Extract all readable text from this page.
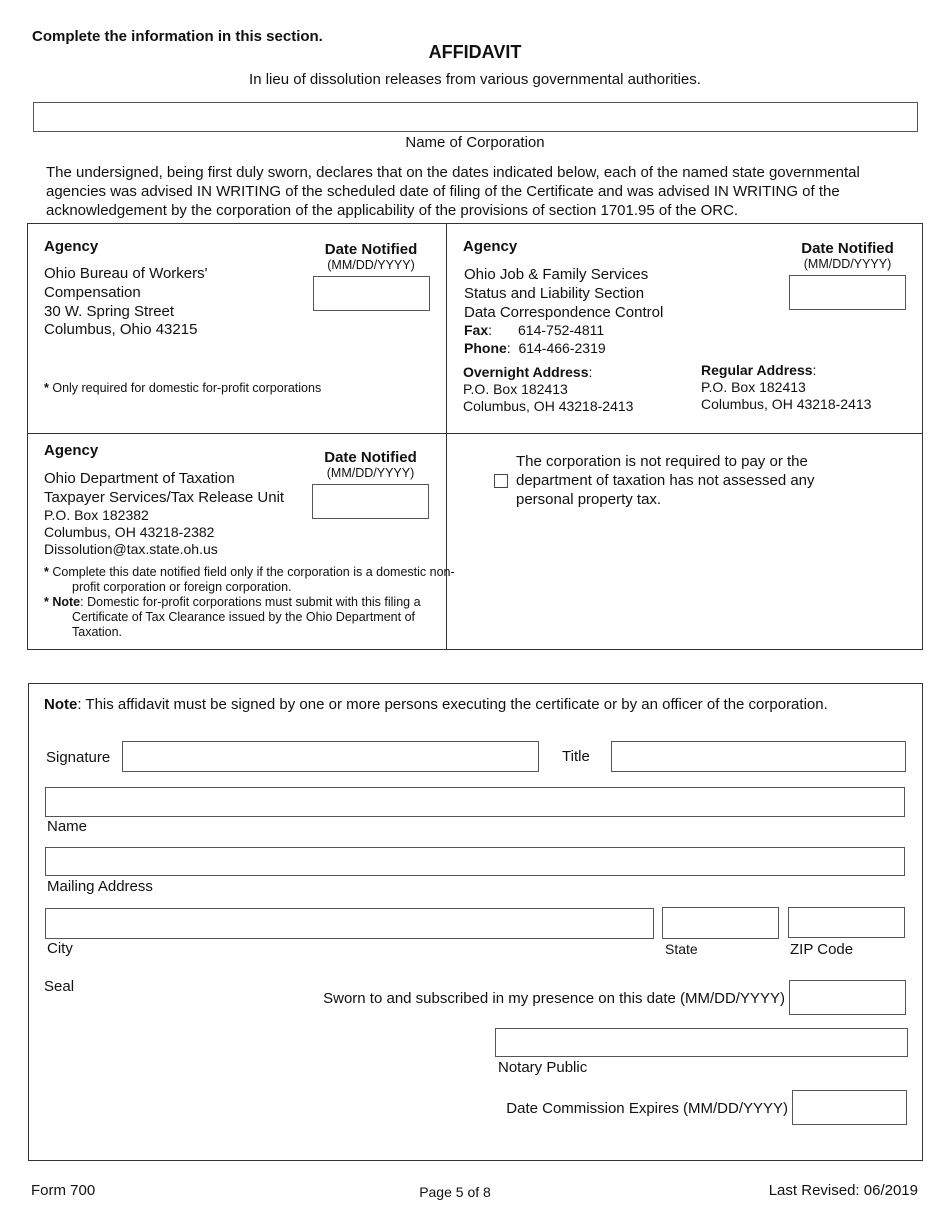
Complete the information in this section.
AFFIDAVIT
In lieu of dissolution releases from various governmental authorities.
Name of Corporation
The undersigned, being first duly sworn, declares that on the dates indicated below, each of the named state governmental agencies was advised IN WRITING of the scheduled date of filing of the Certificate and was advised IN WRITING of the acknowledgement by the corporation of the applicability of the provisions of section 1701.95 of the ORC.
Agency	Date Notified
(MM/DD/YYYY)
Ohio Bureau of Workers'
Compensation
30 W. Spring Street
Columbus, Ohio 43215
* Only required for domestic for-profit corporations
Agency	Date Notified
(MM/DD/YYYY)
Ohio Job & Family Services
Status and Liability Section
Data Correspondence Control
Fax: 614-752-4811
Phone:  614-466-2319
Overnight Address:
P.O. Box 182413
Columbus, OH 43218-2413
Regular Address:
P.O. Box 182413
Columbus, OH 43218-2413
Agency	Date Notified
(MM/DD/YYYY)
Ohio Department of Taxation
Taxpayer Services/Tax Release Unit
P.O. Box 182382
Columbus, OH 43218-2382
Dissolution@tax.state.oh.us
* Complete this date notified field only if the corporation is a domestic non-profit corporation or foreign corporation.
* Note: Domestic for-profit corporations must submit with this filing a Certificate of Tax Clearance issued by the Ohio Department of Taxation.
The corporation is not required to pay or the department of taxation has not assessed any personal property tax.
Note: This affidavit must be signed by one or more persons executing the certificate or by an officer of the corporation.
Signature	Title
Name
Mailing Address
City	State	ZIP Code
Seal
Sworn to and subscribed in my presence on this date (MM/DD/YYYY)
Notary Public
Date Commission Expires (MM/DD/YYYY)
Form 700	Page 5 of 8	Last Revised: 06/2019
